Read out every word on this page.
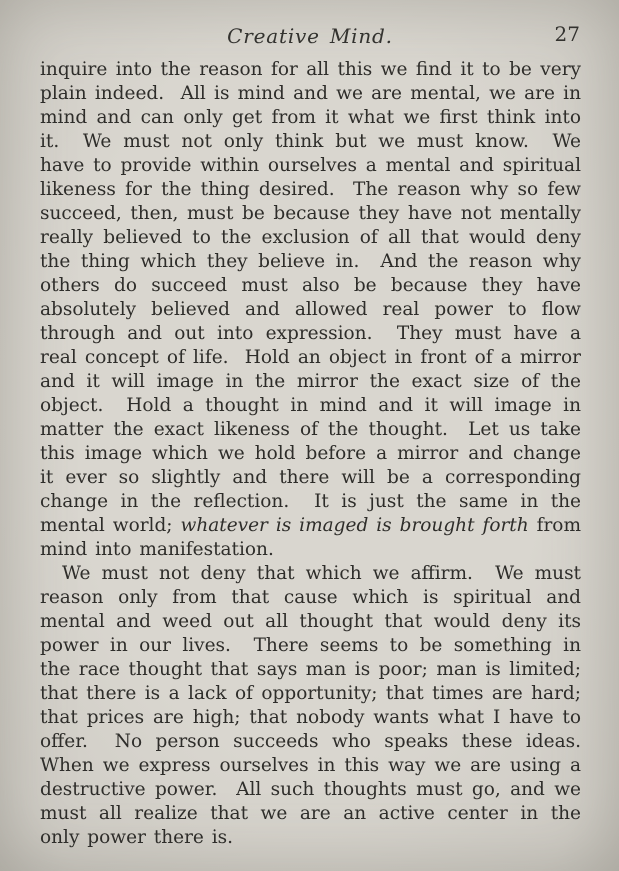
Creative Mind.	27

inquire into the reason for all this we find it to be very plain indeed.  All is mind and we are mental, we are in mind and can only get from it what we first think into it.  We must not only think but we must know.  We have to provide within ourselves a mental and spiritual likeness for the thing desired.  The reason why so few succeed, then, must be because they have not mentally really believed to the exclusion of all that would deny the thing which they believe in.  And the reason why others do succeed must also be because they have absolutely believed and allowed real power to flow through and out into expression.  They must have a real concept of life.  Hold an object in front of a mirror and it will image in the mirror the exact size of the object.  Hold a thought in mind and it will image in matter the exact likeness of the thought.  Let us take this image which we hold before a mirror and change it ever so slightly and there will be a corresponding change in the reflection.  It is just the same in the mental world; whatever is imaged is brought forth from mind into manifestation.

We must not deny that which we affirm.  We must reason only from that cause which is spiritual and mental and weed out all thought that would deny its power in our lives.  There seems to be something in the race thought that says man is poor; man is limited; that there is a lack of opportunity; that times are hard; that prices are high; that nobody wants what I have to offer.  No person succeeds who speaks these ideas.  When we express ourselves in this way we are using a destructive power.  All such thoughts must go, and we must all realize that we are an active center in the only power there is.
